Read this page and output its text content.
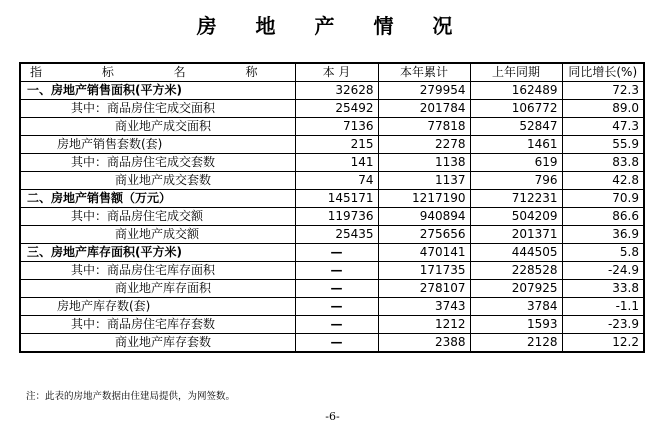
房 地 产 情 况
指 标 名 称	本 月	本年累计	上年同期	同比增长(%)
一、房地产销售面积(平方米)	32628	279954	162489	72.3
其中：商品房住宅成交面积	25492	201784	106772	89.0
商业地产成交面积	7136	77818	52847	47.3
房地产销售套数(套)	215	2278	1461	55.9
其中：商品房住宅成交套数	141	1138	619	83.8
商业地产成交套数	74	1137	796	42.8
二、房地产销售额（万元）	145171	1217190	712231	70.9
其中：商品房住宅成交额	119736	940894	504209	86.6
商业地产成交额	25435	275656	201371	36.9
三、房地产库存面积(平方米)	—	470141	444505	5.8
其中：商品房住宅库存面积	—	171735	228528	-24.9
商业地产库存面积	—	278107	207925	33.8
房地产库存数(套)	—	3743	3784	-1.1
其中：商品房住宅库存套数	—	1212	1593	-23.9
商业地产库存套数	—	2388	2128	12.2
注：此表的房地产数据由住建局提供，为网签数。
-6-
